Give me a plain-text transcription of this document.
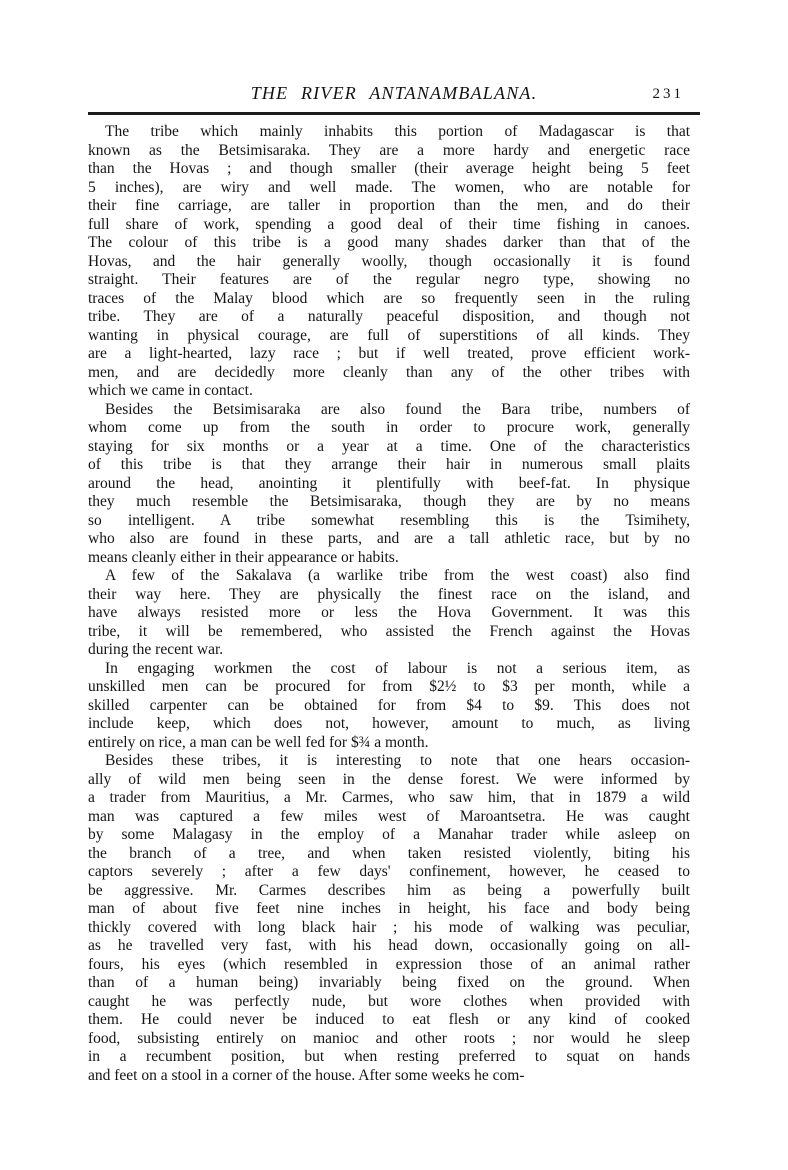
THE RIVER ANTANAMBALANA.	231
The tribe which mainly inhabits this portion of Madagascar is that
known as the Betsimisaraka. They are a more hardy and energetic race
than the Hovas ; and though smaller (their average height being 5 feet
5 inches), are wiry and well made. The women, who are notable for
their fine carriage, are taller in proportion than the men, and do their
full share of work, spending a good deal of their time fishing in canoes.
The colour of this tribe is a good many shades darker than that of the
Hovas, and the hair generally woolly, though occasionally it is found
straight. Their features are of the regular negro type, showing no
traces of the Malay blood which are so frequently seen in the ruling
tribe. They are of a naturally peaceful disposition, and though not
wanting in physical courage, are full of superstitions of all kinds. They
are a light-hearted, lazy race ; but if well treated, prove efficient work-
men, and are decidedly more cleanly than any of the other tribes with
which we came in contact.
Besides the Betsimisaraka are also found the Bara tribe, numbers of
whom come up from the south in order to procure work, generally
staying for six months or a year at a time. One of the characteristics
of this tribe is that they arrange their hair in numerous small plaits
around the head, anointing it plentifully with beef-fat. In physique
they much resemble the Betsimisaraka, though they are by no means
so intelligent. A tribe somewhat resembling this is the Tsimihety,
who also are found in these parts, and are a tall athletic race, but by no
means cleanly either in their appearance or habits.
A few of the Sakalava (a warlike tribe from the west coast) also find
their way here. They are physically the finest race on the island, and
have always resisted more or less the Hova Government. It was this
tribe, it will be remembered, who assisted the French against the Hovas
during the recent war.
In engaging workmen the cost of labour is not a serious item, as
unskilled men can be procured for from $2½ to $3 per month, while a
skilled carpenter can be obtained for from $4 to $9. This does not
include keep, which does not, however, amount to much, as living
entirely on rice, a man can be well fed for $¾ a month.
Besides these tribes, it is interesting to note that one hears occasion-
ally of wild men being seen in the dense forest. We were informed by
a trader from Mauritius, a Mr. Carmes, who saw him, that in 1879 a wild
man was captured a few miles west of Maroantsetra. He was caught
by some Malagasy in the employ of a Manahar trader while asleep on
the branch of a tree, and when taken resisted violently, biting his
captors severely ; after a few days' confinement, however, he ceased to
be aggressive. Mr. Carmes describes him as being a powerfully built
man of about five feet nine inches in height, his face and body being
thickly covered with long black hair ; his mode of walking was peculiar,
as he travelled very fast, with his head down, occasionally going on all-
fours, his eyes (which resembled in expression those of an animal rather
than of a human being) invariably being fixed on the ground. When
caught he was perfectly nude, but wore clothes when provided with
them. He could never be induced to eat flesh or any kind of cooked
food, subsisting entirely on manioc and other roots ; nor would he sleep
in a recumbent position, but when resting preferred to squat on hands
and feet on a stool in a corner of the house. After some weeks he com-
